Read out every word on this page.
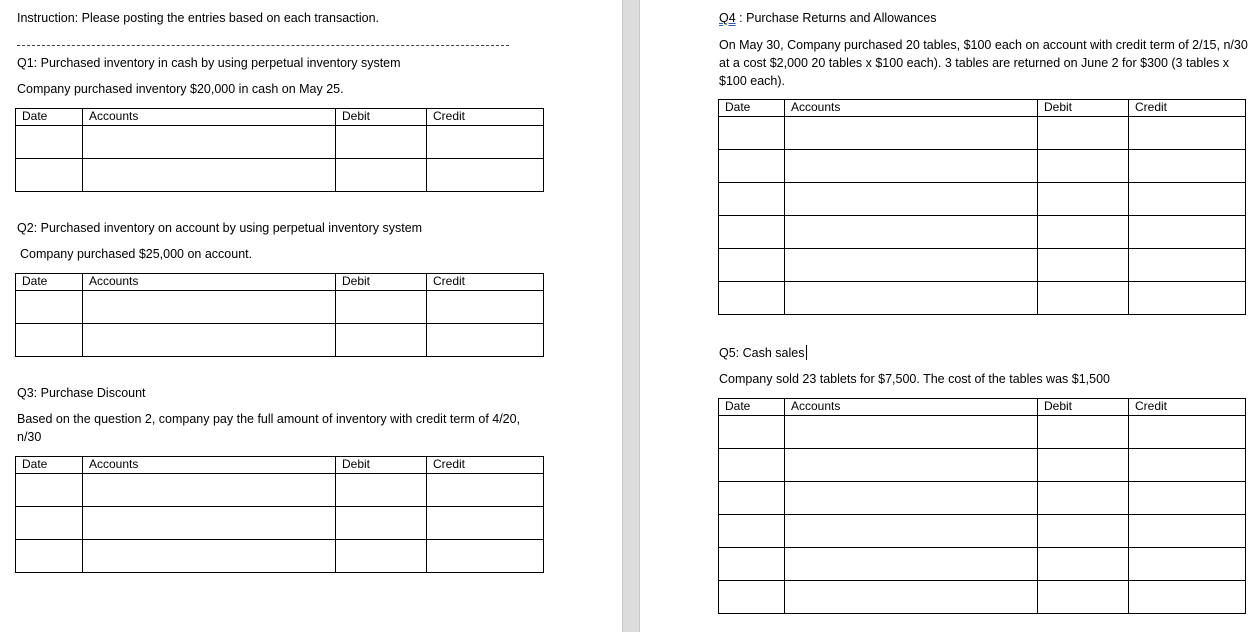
Instruction: Please posting the entries based on each transaction.
Q1: Purchased inventory in cash by using perpetual inventory system
Company purchased inventory $20,000 in cash on May 25.
Date	Accounts	Debit	Credit

Q2: Purchased inventory on account by using perpetual inventory system
Company purchased $25,000 on account.
Date	Accounts	Debit	Credit

Q3: Purchase Discount
Based on the question 2, company pay the full amount of inventory with credit term of 4/20, n/30
Date	Accounts	Debit	Credit

Q4 : Purchase Returns and Allowances
On May 30, Company purchased 20 tables, $100 each on account with credit term of 2/15, n/30 at a cost $2,000 20 tables x $100 each). 3 tables are returned on June 2 for $300 (3 tables x $100 each).
Date	Accounts	Debit	Credit

Q5: Cash sales
Company sold 23 tablets for $7,500. The cost of the tables was $1,500
Date	Accounts	Debit	Credit
